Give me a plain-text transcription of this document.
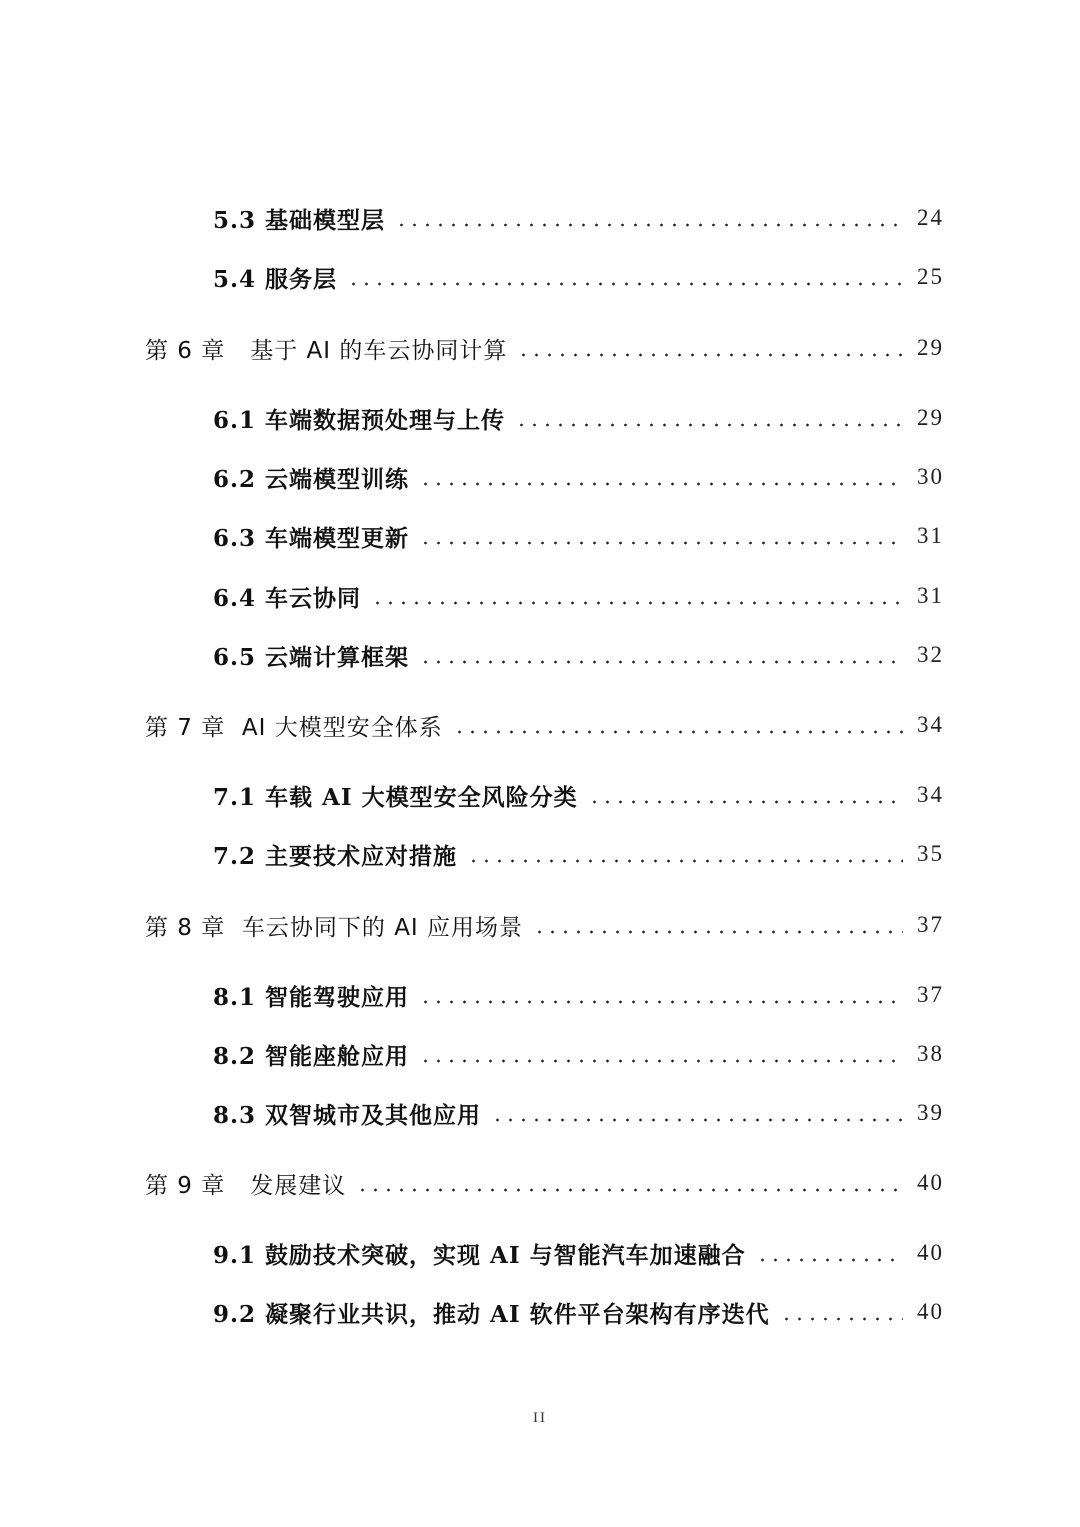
5.3 基础模型层	24
5.4 服务层	25
第 6 章   基于 AI 的车云协同计算	29
6.1 车端数据预处理与上传	29
6.2 云端模型训练	30
6.3 车端模型更新	31
6.4 车云协同	31
6.5 云端计算框架	32
第 7 章  AI 大模型安全体系	34
7.1 车载 AI 大模型安全风险分类	34
7.2 主要技术应对措施	35
第 8 章  车云协同下的 AI 应用场景	37
8.1 智能驾驶应用	37
8.2 智能座舱应用	38
8.3 双智城市及其他应用	39
第 9 章   发展建议	40
9.1 鼓励技术突破，实现 AI 与智能汽车加速融合	40
9.2 凝聚行业共识，推动 AI 软件平台架构有序迭代	40
II
